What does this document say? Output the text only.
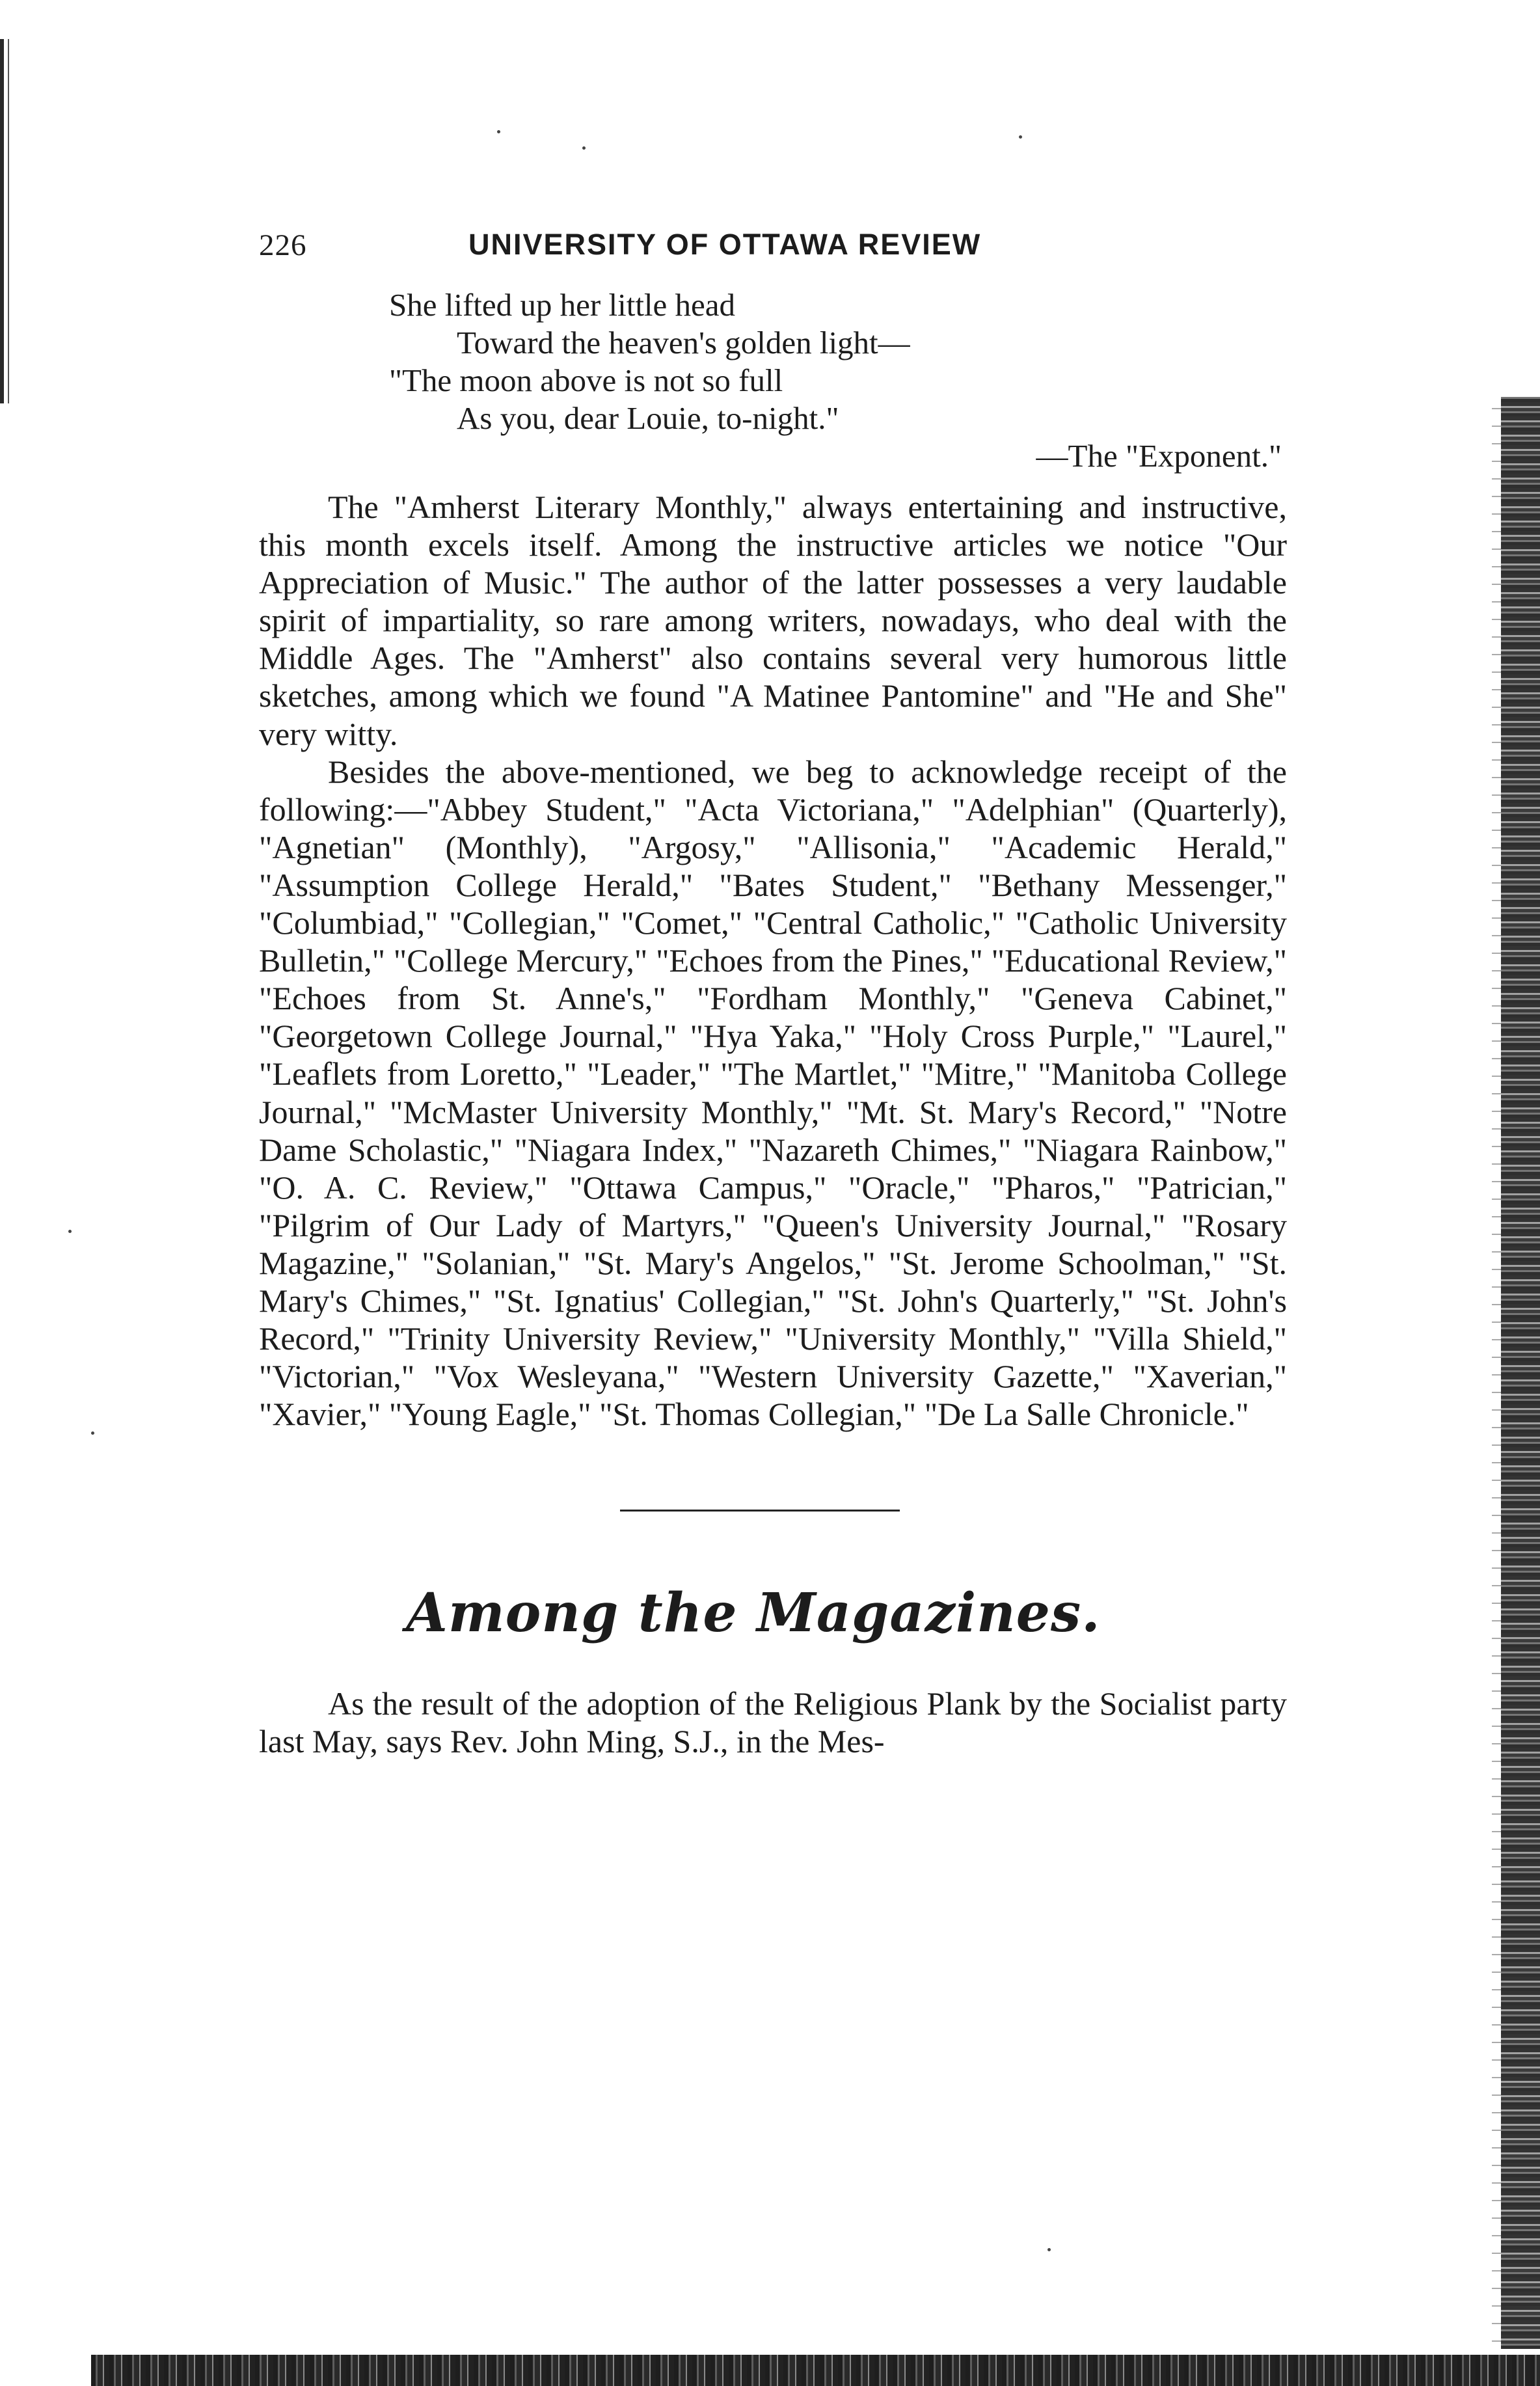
226	UNIVERSITY OF OTTAWA REVIEW
She lifted up her little head
Toward the heaven's golden light—
"The moon above is not so full
As you, dear Louie, to-night."
—The "Exponent."

The "Amherst Literary Monthly," always entertaining and instructive, this month excels itself. Among the instructive articles we notice "Our Appreciation of Music." The author of the latter possesses a very laudable spirit of impartiality, so rare among writers, nowadays, who deal with the Middle Ages. The "Amherst" also contains several very humorous little sketches, among which we found "A Matinee Pantomine" and "He and She" very witty.

Besides the above-mentioned, we beg to acknowledge receipt of the following:—"Abbey Student," "Acta Victoriana," "Adelphian" (Quarterly), "Agnetian" (Monthly), "Argosy," "Allisonia," "Academic Herald," "Assumption College Herald," "Bates Student," "Bethany Messenger," "Columbiad," "Collegian," "Comet," "Central Catholic," "Catholic University Bulletin," "College Mercury," "Echoes from the Pines," "Educational Review," "Echoes from St. Anne's," "Fordham Monthly," "Geneva Cabinet," "Georgetown College Journal," "Hya Yaka," "Holy Cross Purple," "Laurel," "Leaflets from Loretto," "Leader," "The Martlet," "Mitre," "Manitoba College Journal," "McMaster University Monthly," "Mt. St. Mary's Record," "Notre Dame Scholastic," "Niagara Index," "Nazareth Chimes," "Niagara Rainbow," "O. A. C. Review," "Ottawa Campus," "Oracle," "Pharos," "Patrician," "Pilgrim of Our Lady of Martyrs," "Queen's University Journal," "Rosary Magazine," "Solanian," "St. Mary's Angelos," "St. Jerome Schoolman," "St. Mary's Chimes," "St. Ignatius' Collegian," "St. John's Quarterly," "St. John's Record," "Trinity University Review," "University Monthly," "Villa Shield," "Victorian," "Vox Wesleyana," "Western University Gazette," "Xaverian," "Xavier," "Young Eagle," "St. Thomas Collegian," "De La Salle Chronicle."

Among the Magazines.

As the result of the adoption of the Religious Plank by the Socialist party last May, says Rev. John Ming, S.J., in the Mes-
